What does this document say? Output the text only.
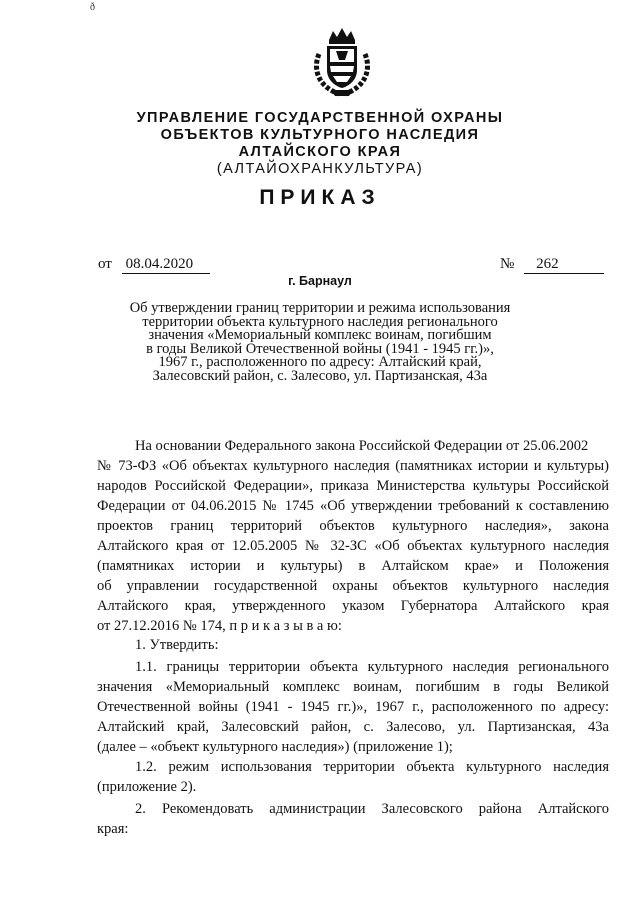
ð
УПРАВЛЕНИЕ ГОСУДАРСТВЕННОЙ ОХРАНЫ
ОБЪЕКТОВ КУЛЬТУРНОГО НАСЛЕДИЯ
АЛТАЙСКОГО КРАЯ
(АЛТАЙОХРАНКУЛЬТУРА)
ПРИКАЗ
от 08.04.2020	№ 262
г. Барнаул
Об утверждении границ территории и режима использования
территории объекта культурного наследия регионального
значения «Мемориальный комплекс воинам, погибшим
в годы Великой Отечественной войны (1941 - 1945 гг.)»,
1967 г., расположенного по адресу: Алтайский край,
Залесовский район, с. Залесово, ул. Партизанская, 43а
На основании Федерального закона Российской Федерации от 25.06.2002
№ 73-ФЗ «Об объектах культурного наследия (памятниках истории и культуры)
народов Российской Федерации», приказа Министерства культуры Российской
Федерации от 04.06.2015 № 1745 «Об утверждении требований к составлению
проектов границ территорий объектов культурного наследия», закона
Алтайского края от 12.05.2005 № 32-ЗС «Об объектах культурного наследия
(памятниках истории и культуры) в Алтайском крае» и Положения
об управлении государственной охраны объектов культурного наследия
Алтайского края, утвержденного указом Губернатора Алтайского края
от 27.12.2016 № 174, п р и к а з ы в а ю:
1. Утвердить:
1.1. границы территории объекта культурного наследия регионального
значения «Мемориальный комплекс воинам, погибшим в годы Великой
Отечественной войны (1941 - 1945 гг.)», 1967 г., расположенного по адресу:
Алтайский край, Залесовский район, с. Залесово, ул. Партизанская, 43а
(далее – «объект культурного наследия») (приложение 1);
1.2. режим использования территории объекта культурного наследия
(приложение 2).
2. Рекомендовать администрации Залесовского района Алтайского
края:
